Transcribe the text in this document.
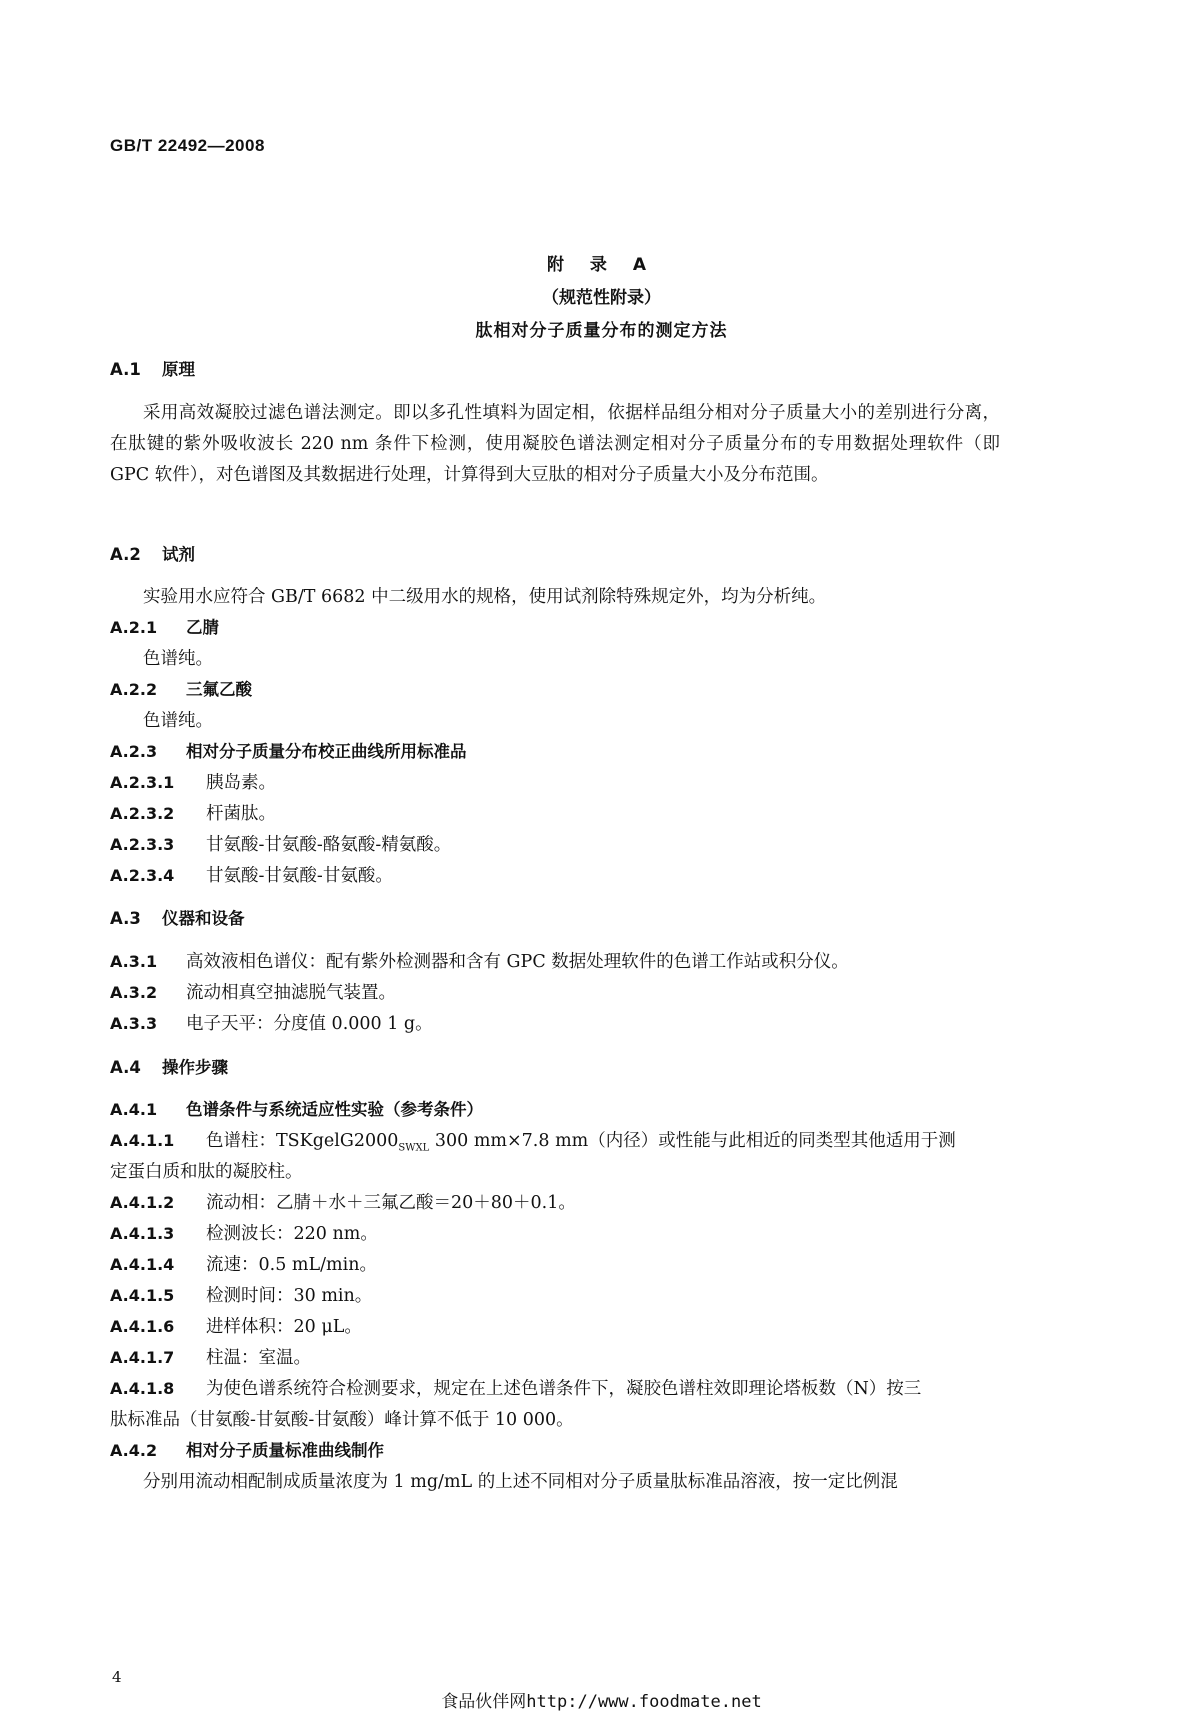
GB/T 22492—2008
附 录 A
（规范性附录）
肽相对分子质量分布的测定方法
A.1 原理
采用高效凝胶过滤色谱法测定。即以多孔性填料为固定相，依据样品组分相对分子质量大小的差别进行分离，在肽键的紫外吸收波长 220 nm 条件下检测，使用凝胶色谱法测定相对分子质量分布的专用数据处理软件（即 GPC 软件），对色谱图及其数据进行处理，计算得到大豆肽的相对分子质量大小及分布范围。
A.2 试剂
实验用水应符合 GB/T 6682 中二级用水的规格，使用试剂除特殊规定外，均为分析纯。
A.2.1 乙腈
色谱纯。
A.2.2 三氟乙酸
色谱纯。
A.2.3 相对分子质量分布校正曲线所用标准品
A.2.3.1 胰岛素。
A.2.3.2 杆菌肽。
A.2.3.3 甘氨酸-甘氨酸-酪氨酸-精氨酸。
A.2.3.4 甘氨酸-甘氨酸-甘氨酸。
A.3 仪器和设备
A.3.1 高效液相色谱仪：配有紫外检测器和含有 GPC 数据处理软件的色谱工作站或积分仪。
A.3.2 流动相真空抽滤脱气装置。
A.3.3 电子天平：分度值 0.000 1 g。
A.4 操作步骤
A.4.1 色谱条件与系统适应性实验（参考条件）
A.4.1.1 色谱柱：$TSKgelG2000_{SWXL}$ 300 mm×7.8 mm（内径）或性能与此相近的同类型其他适用于测
定蛋白质和肽的凝胶柱。
A.4.1.2 流动相：乙腈＋水＋三氟乙酸＝20＋80＋0.1。
A.4.1.3 检测波长：220 nm。
A.4.1.4 流速：0.5 mL/min。
A.4.1.5 检测时间：30 min。
A.4.1.6 进样体积：20 μL。
A.4.1.7 柱温：室温。
A.4.1.8 为使色谱系统符合检测要求，规定在上述色谱条件下，凝胶色谱柱效即理论塔板数（N）按三
肽标准品（甘氨酸-甘氨酸-甘氨酸）峰计算不低于 10 000。
A.4.2 相对分子质量标准曲线制作
分别用流动相配制成质量浓度为 1 mg/mL 的上述不同相对分子质量肽标准品溶液，按一定比例混
4
食品伙伴网http://www.foodmate.net
